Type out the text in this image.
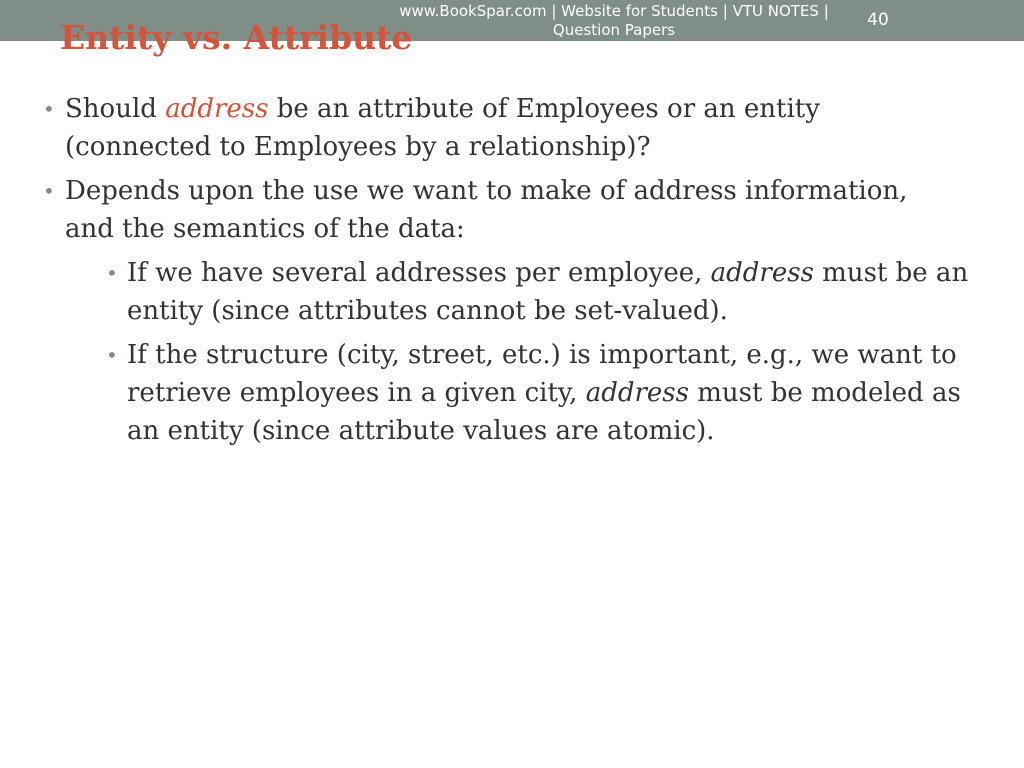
www.BookSpar.com | Website for Students | VTU NOTES | Question Papers	40
Entity vs. Attribute
• Should address be an attribute of Employees or an entity (connected to Employees by a relationship)?
• Depends upon the use we want to make of address information, and the semantics of the data:
• If we have several addresses per employee, address must be an entity (since attributes cannot be set-valued).
• If the structure (city, street, etc.) is important, e.g., we want to retrieve employees in a given city, address must be modeled as an entity (since attribute values are atomic).
